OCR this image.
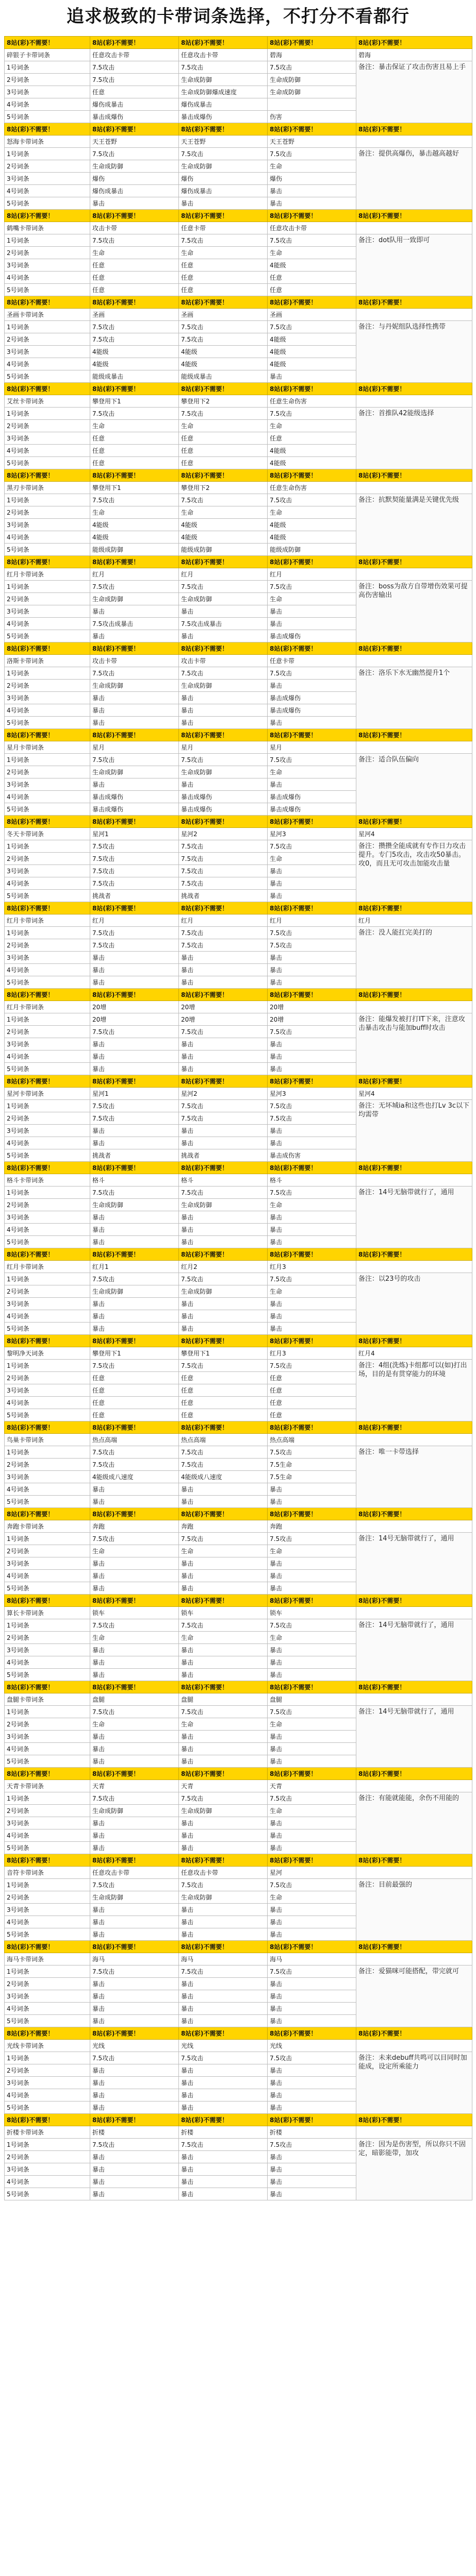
追求极致的卡带词条选择，不打分不看都行
8站(彩)不需要！	8站(彩)不需要！	8站(彩)不需要！	8站(彩)不需要！	8站(彩)不需要！
碎银子卡带词条	任意攻击卡带	任意攻击卡带	碧海	碧海
1号词条	7.5攻击	7.5攻击	7.5攻击	备注：暴击保证了攻击伤害且易上手
2号词条	7.5攻击	生命成防御	生命成防御	
3号词条	任意	生命成防御爆成速度	生命成防御	
4号词条	爆伤成暴击	爆伤成暴击		
5号词条	暴击成爆伤	暴击成爆伤	伤害	
8站(彩)不需要！	8站(彩)不需要！	8站(彩)不需要！	8站(彩)不需要！	8站(彩)不需要！
怒海卡带词条	天王苍野	天王苍野	天王苍野	
1号词条	7.5攻击	7.5攻击	7.5攻击	备注：提供高爆伤，暴击越高越好
2号词条	生命成防御	生命成防御	生命	
3号词条	爆伤	爆伤	爆伤	
4号词条	爆伤成暴击	爆伤成暴击	暴击	
5号词条	暴击	暴击	暴击	
8站(彩)不需要！	8站(彩)不需要！	8站(彩)不需要！	8站(彩)不需要！	8站(彩)不需要！
鹤嘴卡带词条	攻击卡带	任意卡带	任意攻击卡带	
1号词条	7.5攻击	7.5攻击	7.5攻击	备注：dot队用一致即可
2号词条	生命	生命	生命	
3号词条	任意	任意	4能级	
4号词条	任意	任意	任意	
5号词条	任意	任意	任意	
8站(彩)不需要！	8站(彩)不需要！	8站(彩)不需要！	8站(彩)不需要！	8站(彩)不需要！
圣画卡带词条	圣画	圣画	圣画	
1号词条	7.5攻击	7.5攻击	7.5攻击	备注：与丹妮组队选择性携带
2号词条	7.5攻击	7.5攻击	4能级	
3号词条	4能级	4能级	4能级	
4号词条	4能级	4能级	4能级	
5号词条	能级成暴击	能级成暴击	暴击	
8站(彩)不需要！	8站(彩)不需要！	8站(彩)不需要！	8站(彩)不需要！	8站(彩)不需要！
艾丝卡带词条	攀登用下1	攀登用下2	任意生命伤害	
1号词条	7.5攻击	7.5攻击	7.5攻击	备注：首推队42能级选择
2号词条	生命	生命	生命	
3号词条	任意	任意	任意	
4号词条	任意	任意	4能级	
5号词条	任意	任意	4能级	
8站(彩)不需要！	8站(彩)不需要！	8站(彩)不需要！	8站(彩)不需要！	8站(彩)不需要！
黑刃卡带词条	攀登用下1	攀登用下2	任意生命伤害	
1号词条	7.5攻击	7.5攻击	7.5攻击	备注：抗默契能量满是关键优先级
2号词条	生命	生命	生命	
3号词条	4能级	4能级	4能级	
4号词条	4能级	4能级	4能级	
5号词条	能级成防御	能级成防御	能级成防御	
8站(彩)不需要！	8站(彩)不需要！	8站(彩)不需要！	8站(彩)不需要！	8站(彩)不需要！
红月卡带词条	红月	红月	红月	
1号词条	7.5攻击	7.5攻击	7.5攻击	备注：boss为敌方自带增伤效果可提高伤害输出
2号词条	生命成防御	生命成防御	生命	
3号词条	暴击	暴击	暴击	
4号词条	7.5攻击成暴击	7.5攻击成暴击	暴击	
5号词条	暴击	暴击	暴击成爆伤	
8站(彩)不需要！	8站(彩)不需要！	8站(彩)不需要！	8站(彩)不需要！	8站(彩)不需要！
洛斯卡带词条	攻击卡带	攻击卡带	任意卡带	
1号词条	7.5攻击	7.5攻击	7.5攻击	备注：洛乐下水无幽然提升1个
2号词条	生命成防御	生命成防御	暴击	
3号词条	暴击	暴击	暴击成爆伤	
4号词条	暴击	暴击	暴击成爆伤	
5号词条	暴击	暴击	暴击	
8站(彩)不需要！	8站(彩)不需要！	8站(彩)不需要！	8站(彩)不需要！	8站(彩)不需要！
星月卡带词条	星月	星月	星月	
1号词条	7.5攻击	7.5攻击	7.5攻击	备注：适合队伍偏向
2号词条	生命成防御	生命成防御	生命	
3号词条	暴击	暴击	暴击	
4号词条	暴击成爆伤	暴击成爆伤	暴击成爆伤	
5号词条	暴击成爆伤	暴击成爆伤	暴击成爆伤	
8站(彩)不需要！	8站(彩)不需要！	8站(彩)不需要！	8站(彩)不需要！	8站(彩)不需要！
冬天卡带词条	星河1	星河2	星河3	星河4
1号词条	7.5攻击	7.5攻击	7.5攻击	备注：攒攒全能成就有专作日力攻击提升。专门5攻击，攻击攻50暴击。攻0，而且无可攻击加能攻击量
2号词条	7.5攻击	7.5攻击	生命	
3号词条	7.5攻击	7.5攻击	暴击	
4号词条	7.5攻击	7.5攻击	暴击	
5号词条	挑战者	挑战者	暴击	
8站(彩)不需要！	8站(彩)不需要！	8站(彩)不需要！	8站(彩)不需要！	8站(彩)不需要！
红月卡带词条	红月	红月	红月	红月
1号词条	7.5攻击	7.5攻击	7.5攻击	备注：没人能扛完美打的
2号词条	7.5攻击	7.5攻击	7.5攻击	
3号词条	暴击	暴击	暴击	
4号词条	暴击	暴击	暴击	
5号词条	暴击	暴击	暴击	
8站(彩)不需要！	8站(彩)不需要！	8站(彩)不需要！	8站(彩)不需要！	8站(彩)不需要！
红月卡带词条	20增	20增	20增	
1号词条	20增	20增	20增	备注：能爆发被打打IT下来，注意攻击暴击攻击与能加buff时攻击
2号词条	7.5攻击	7.5攻击	7.5攻击	
3号词条	暴击	暴击	暴击	
4号词条	暴击	暴击	暴击	
5号词条	暴击	暴击	暴击	
8站(彩)不需要！	8站(彩)不需要！	8站(彩)不需要！	8站(彩)不需要！	8站(彩)不需要！
星河卡带词条	星河1	星河2	星河3	星河4
1号词条	7.5攻击	7.5攻击	7.5攻击	备注：无坏城ia和这些也打Lv 3c以下均需带
2号词条	7.5攻击	7.5攻击	7.5攻击	
3号词条	暴击	暴击	暴击	
4号词条	暴击	暴击	暴击	
5号词条	挑战者	挑战者	暴击成伤害	
8站(彩)不需要！	8站(彩)不需要！	8站(彩)不需要！	8站(彩)不需要！	8站(彩)不需要！
格斗卡带词条	格斗	格斗	格斗	
1号词条	7.5攻击	7.5攻击	7.5攻击	备注：14号无脑带就行了，通用
2号词条	生命成防御	生命成防御	生命	
3号词条	暴击	暴击	暴击	
4号词条	暴击	暴击	暴击	
5号词条	暴击	暴击	暴击	
8站(彩)不需要！	8站(彩)不需要！	8站(彩)不需要！	8站(彩)不需要！	8站(彩)不需要！
红月卡带词条	红月1	红月2	红月3	
1号词条	7.5攻击	7.5攻击	7.5攻击	备注：以23号的攻击
2号词条	生命成防御	生命成防御	生命	
3号词条	暴击	暴击	暴击	
4号词条	暴击	暴击	暴击	
5号词条	暴击	暴击	暴击	
8站(彩)不需要！	8站(彩)不需要！	8站(彩)不需要！	8站(彩)不需要！	8站(彩)不需要！
黎明净天词条	攀登用下1	攀登用下1	红月3	红月4
1号词条	7.5攻击	7.5攻击	7.5攻击	备注：4组(洗炼)卡组都可以(如)打出场，目的是有贯穿能力的环境
2号词条	任意	任意	任意	
3号词条	任意	任意	任意	
4号词条	任意	任意	任意	
5号词条	任意	任意	任意	
8站(彩)不需要！	8站(彩)不需要！	8站(彩)不需要！	8站(彩)不需要！	8站(彩)不需要！
鸟巢卡带词条	热点高端	热点高端	热点高端	
1号词条	7.5攻击	7.5攻击	7.5攻击	备注：唯一卡带选择
2号词条	7.5攻击	7.5攻击	7.5生命	
3号词条	4能级成八速度	4能级成八速度	7.5生命	
4号词条	暴击	暴击	暴击	
5号词条	暴击	暴击	暴击	
8站(彩)不需要！	8站(彩)不需要！	8站(彩)不需要！	8站(彩)不需要！	8站(彩)不需要！
奔跑卡带词条	奔跑	奔跑	奔跑	
1号词条	7.5攻击	7.5攻击	7.5攻击	备注：14号无脑带就行了，通用
2号词条	生命	生命	生命	
3号词条	暴击	暴击	暴击	
4号词条	暴击	暴击	暴击	
5号词条	暴击	暴击	暴击	
8站(彩)不需要！	8站(彩)不需要！	8站(彩)不需要！	8站(彩)不需要！	8站(彩)不需要！
算长卡带词条	锁车	锁车	锁车	
1号词条	7.5攻击	7.5攻击	7.5攻击	备注：14号无脑带就行了，通用
2号词条	生命	生命	生命	
3号词条	暴击	暴击	暴击	
4号词条	暴击	暴击	暴击	
5号词条	暴击	暴击	暴击	
8站(彩)不需要！	8站(彩)不需要！	8站(彩)不需要！	8站(彩)不需要！	8站(彩)不需要！
盘腿卡带词条	盘腿	盘腿	盘腿	
1号词条	7.5攻击	7.5攻击	7.5攻击	备注：14号无脑带就行了，通用
2号词条	生命	生命	生命	
3号词条	暴击	暴击	暴击	
4号词条	暴击	暴击	暴击	
5号词条	暴击	暴击	暴击	
8站(彩)不需要！	8站(彩)不需要！	8站(彩)不需要！	8站(彩)不需要！	8站(彩)不需要！
天青卡带词条	天青	天青	天青	
1号词条	7.5攻击	7.5攻击	7.5攻击	备注：有能就能能，余伤不用能的
2号词条	生命成防御	生命成防御	生命	
3号词条	暴击	暴击	暴击	
4号词条	暴击	暴击	暴击	
5号词条	暴击	暴击	暴击	
8站(彩)不需要！	8站(彩)不需要！	8站(彩)不需要！	8站(彩)不需要！	8站(彩)不需要！
音符卡带词条	任意攻击卡带	任意攻击卡带	星河	
1号词条	7.5攻击	7.5攻击	7.5攻击	备注：目前最强的
2号词条	生命成防御	生命成防御	生命	
3号词条	暴击	暴击	暴击	
4号词条	暴击	暴击	暴击	
5号词条	暴击	暴击	暴击	
8站(彩)不需要！	8站(彩)不需要！	8站(彩)不需要！	8站(彩)不需要！	8站(彩)不需要！
海马卡带词条	海马	海马	海马	
1号词条	7.5攻击	7.5攻击	7.5攻击	备注：爱猫咪可能搭配，带完就可
2号词条	暴击	暴击	暴击	
3号词条	暴击	暴击	暴击	
4号词条	暴击	暴击	暴击	
5号词条	暴击	暴击	暴击	
8站(彩)不需要！	8站(彩)不需要！	8站(彩)不需要！	8站(彩)不需要！	8站(彩)不需要！
光线卡带词条	光线	光线	光线	
1号词条	7.5攻击	7.5攻击	7.5攻击	备注：未来debuff共鸣可以目同时加能成，设定所乘能力
2号词条	暴击	暴击	暴击	
3号词条	暴击	暴击	暴击	
4号词条	暴击	暴击	暴击	
5号词条	暴击	暴击	暴击	
8站(彩)不需要！	8站(彩)不需要！	8站(彩)不需要！	8站(彩)不需要！	8站(彩)不需要！
折楼卡带词条	折楼	折楼	折楼	
1号词条	7.5攻击	7.5攻击	7.5攻击	备注：因为是伤害型，所以你只不固定，暗影能带，加攻
2号词条	暴击	暴击	暴击	
3号词条	暴击	暴击	暴击	
4号词条	暴击	暴击	暴击	
5号词条	暴击	暴击	暴击	
